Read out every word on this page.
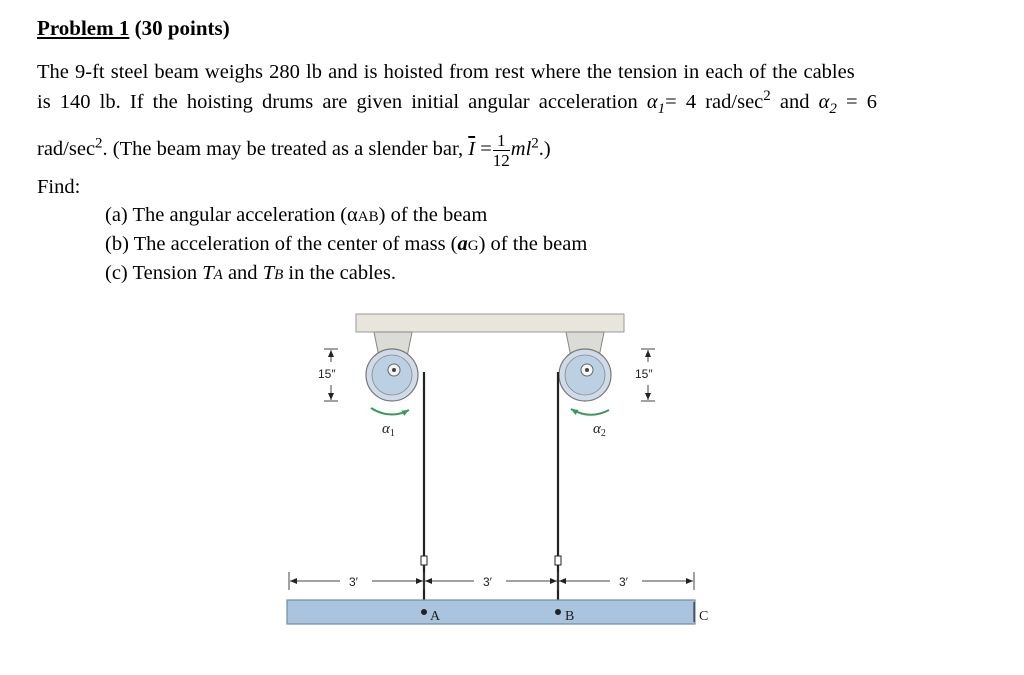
Problem 1 (30 points)
The 9-ft steel beam weighs 280 lb and is hoisted from rest where the tension in each of the cables
is 140 lb. If the hoisting drums are given initial angular acceleration $\alpha_1= 4$ rad/$\sec^2$ and $\alpha_2 = 6$
rad/$\sec^2$. (The beam may be treated as a slender bar, $\overline{I} = \frac{1}{12} ml^2$.)
Find:
(a) The angular acceleration (αAB) of the beam
(b) The acceleration of the center of mass (aG) of the beam
(c) Tension TA and TB in the cables.
$\alpha_1$	$\alpha_2$
15″	15″
3′	3′	3′
A	B	C
